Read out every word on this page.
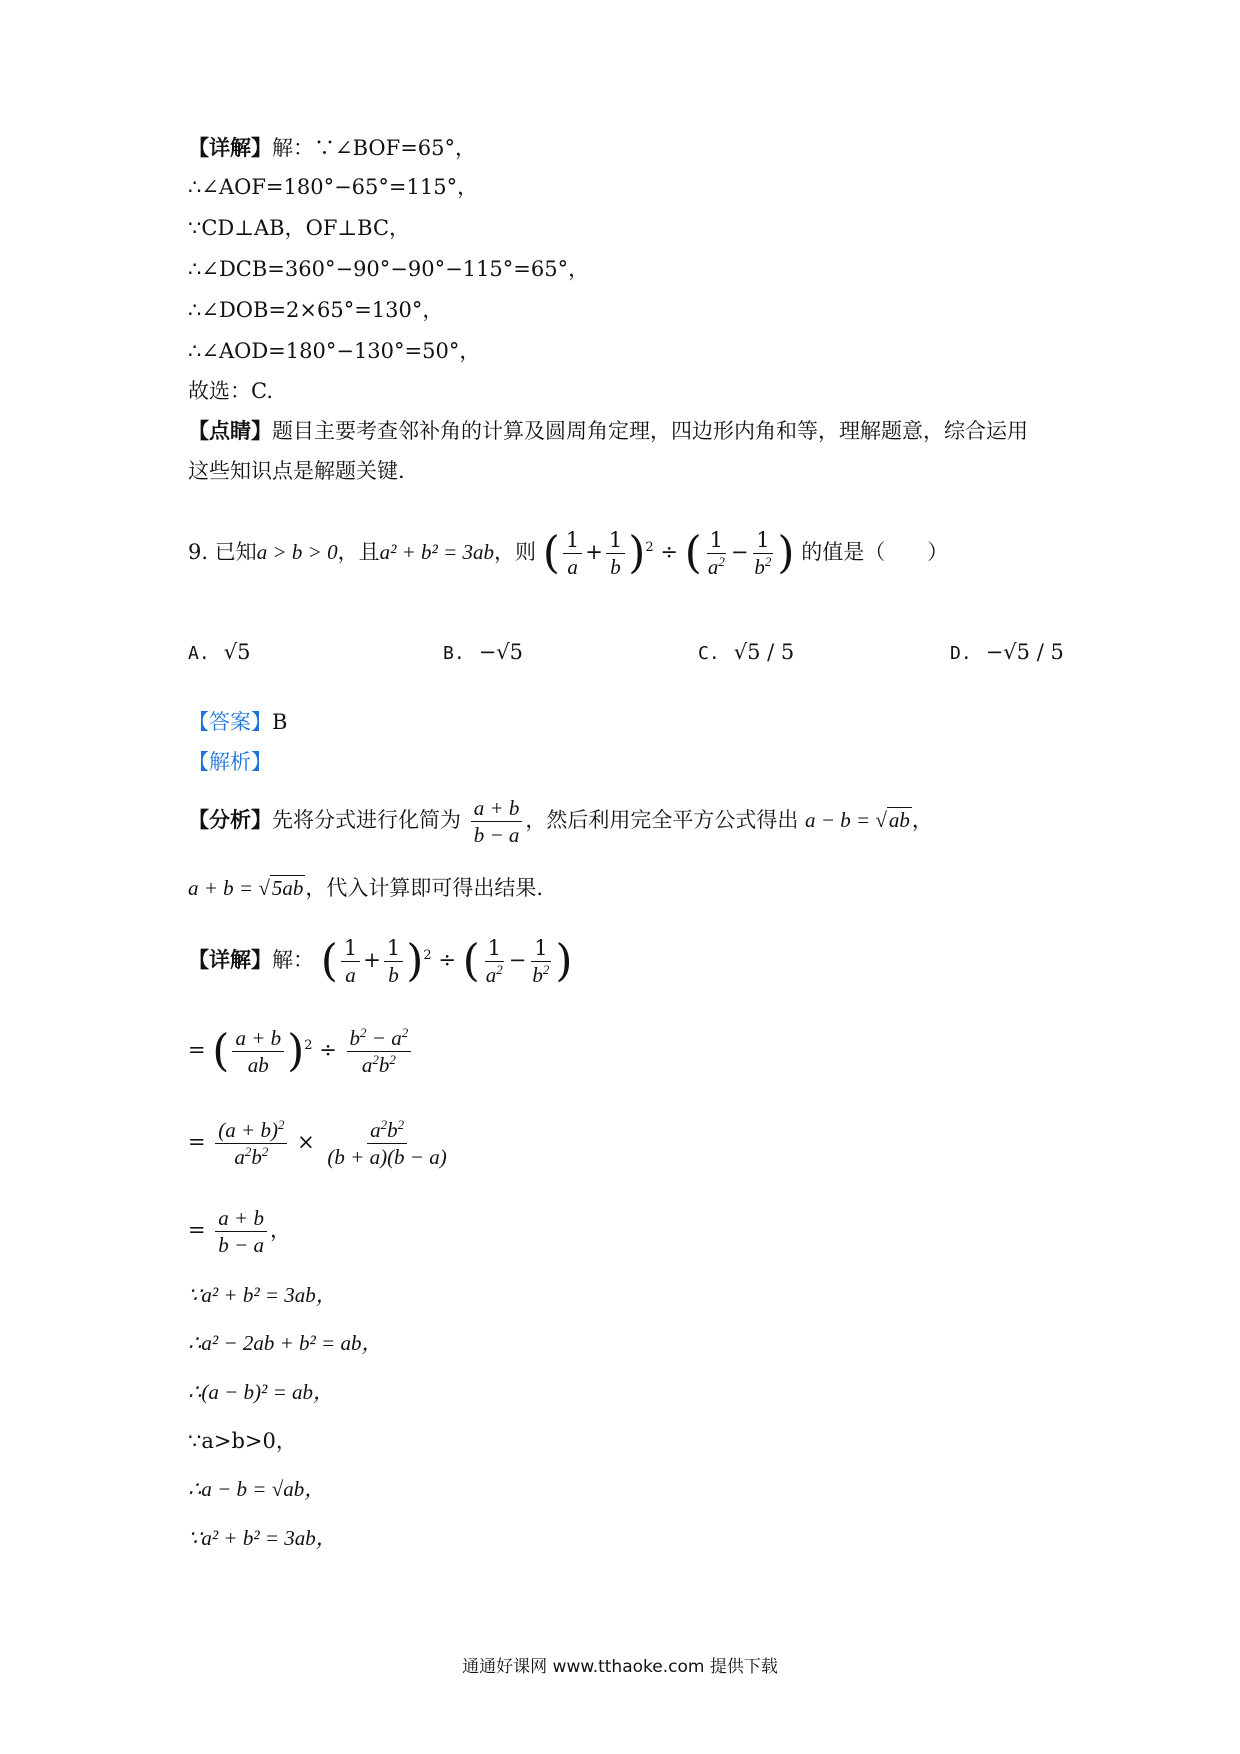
【详解】解：∵∠BOF=65°，
∴∠AOF=180°−65°=115°，
∵CD⊥AB，OF⊥BC，
∴∠DCB=360°−90°−90°−115°=65°，
∴∠DOB=2×65°=130°，
∴∠AOD=180°−130°=50°，
故选：C.
【点睛】题目主要考查邻补角的计算及圆周角定理，四边形内角和等，理解题意，综合运用
这些知识点是解题关键.
9. 已知a > b > 0，且a² + b² = 3ab，则 ( $\frac{1}{a} + \frac{1}{b} )^2$ ÷ ( $\frac{1}{a^2} - \frac{1}{b^2}$ ) 的值是（　　）
A. √5	B. −√5	C. √5 / 5	D. −√5 / 5
【答案】B
【解析】
【分析】先将分式进行化简为 $\frac{a + b}{b - a}$ ，然后利用完全平方公式得出 a − b = √ab，
a + b = √5ab，代入计算即可得出结果.
【详解】解： ( $\frac{1}{a} + \frac{1}{b} )^2$ ÷ ( $\frac{1}{a^2} - \frac{1}{b^2}$ )
= ( $\frac{a + b}{ab} )^2 \div \frac{b^2 - a^2}{a^2b^2}$
= $\frac{(a + b)^2}{a^2b^2} \times \frac{a^2b^2}{(b + a)(b - a)}$
= $\frac{a + b}{b - a}$ ，
∵a² + b² = 3ab，
∴a² − 2ab + b² = ab，
∴(a − b)² = ab，
∵a>b>0，
∴a − b = √ab，
∵a² + b² = 3ab，
通通好课网 www.tthaoke.com 提供下载
